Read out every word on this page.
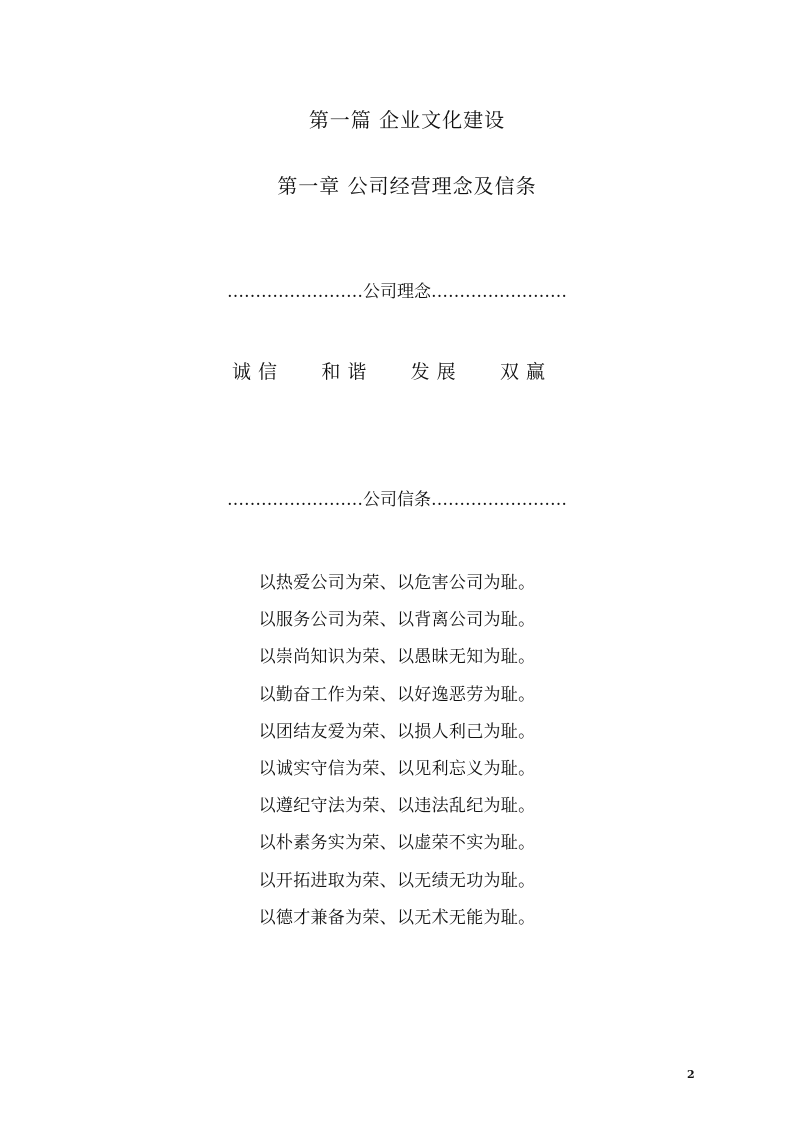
第一篇 企业文化建设
第一章 公司经营理念及信条
……………………公司理念……………………
诚信 和谐 发展 双赢
……………………公司信条……………………
以热爱公司为荣、以危害公司为耻。
以服务公司为荣、以背离公司为耻。
以崇尚知识为荣、以愚昧无知为耻。
以勤奋工作为荣、以好逸恶劳为耻。
以团结友爱为荣、以损人利己为耻。
以诚实守信为荣、以见利忘义为耻。
以遵纪守法为荣、以违法乱纪为耻。
以朴素务实为荣、以虚荣不实为耻。
以开拓进取为荣、以无绩无功为耻。
以德才兼备为荣、以无术无能为耻。
2
